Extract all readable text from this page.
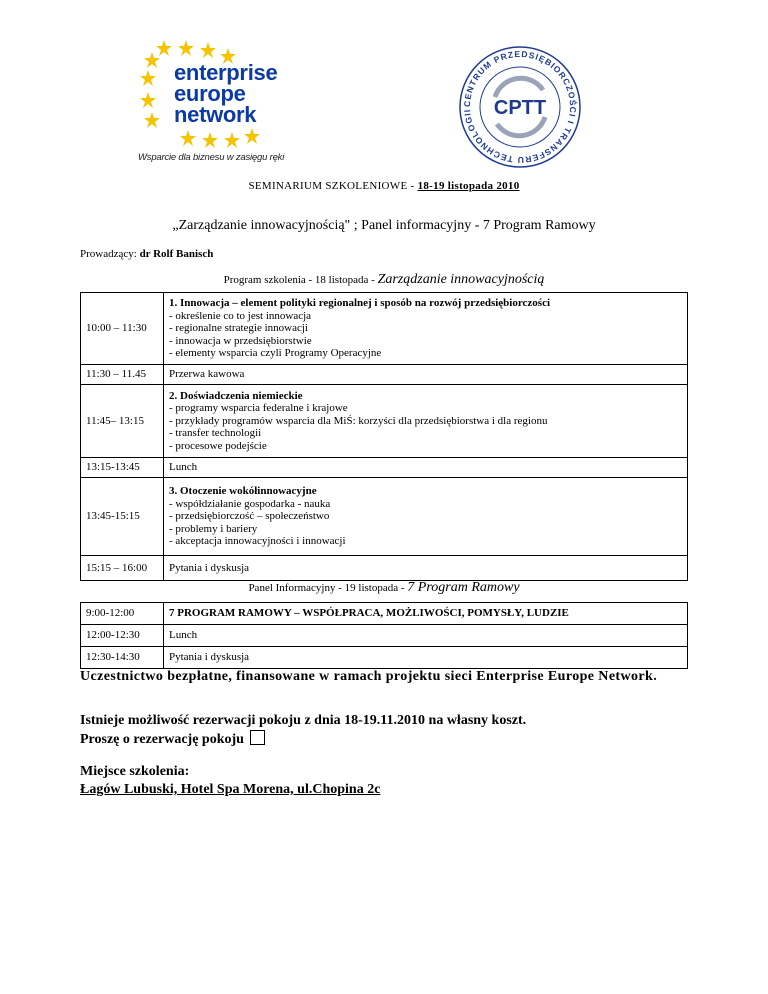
enterprise
europe
network
Wsparcie dla biznesu w zasięgu ręki
CENTRUM PRZEDSIĘBIORCZOŚCI I TRANSFERU TECHNOLOGII	CPTT
SEMINARIUM SZKOLENIOWE - 18-19 listopada 2010
„Zarządzanie innowacyjnością" ; Panel informacyjny - 7 Program Ramowy
Prowadzący: dr Rolf Banisch
Program szkolenia - 18 listopada - Zarządzanie innowacyjnością
10:00 – 11:30	1. Innowacja – element polityki regionalnej i sposób na rozwój przedsiębiorczości
- określenie co to jest innowacja
- regionalne strategie innowacji
- innowacja w przedsiębiorstwie
- elementy wsparcia czyli Programy Operacyjne

11:30 – 11.45	Przerwa kawowa
11:45– 13:15	2. Doświadczenia niemieckie
- programy wsparcia federalne i krajowe
- przykłady programów wsparcia dla MiŚ: korzyści dla przedsiębiorstwa i dla regionu
- transfer technologii
- procesowe podejście

13:15-13:45	Lunch
13:45-15:15	3. Otoczenie wokółinnowacyjne
- współdziałanie gospodarka - nauka
- przedsiębiorczość – społeczeństwo
- problemy i bariery
- akceptacja innowacyjności i innowacji

15:15 – 16:00	Pytania i dyskusja
Panel Informacyjny - 19 listopada - 7 Program Ramowy
9:00-12:00	7 PROGRAM RAMOWY – WSPÓŁPRACA, MOŻLIWOŚCI, POMYSŁY, LUDZIE
12:00-12:30	Lunch
12:30-14:30	Pytania i dyskusja
Uczestnictwo bezpłatne, finansowane w ramach projektu sieci Enterprise Europe Network.
Istnieje możliwość rezerwacji pokoju z dnia 18-19.11.2010 na własny koszt.
Proszę o rezerwację pokoju
Miejsce szkolenia:
Łagów Lubuski, Hotel Spa Morena, ul.Chopina 2c
